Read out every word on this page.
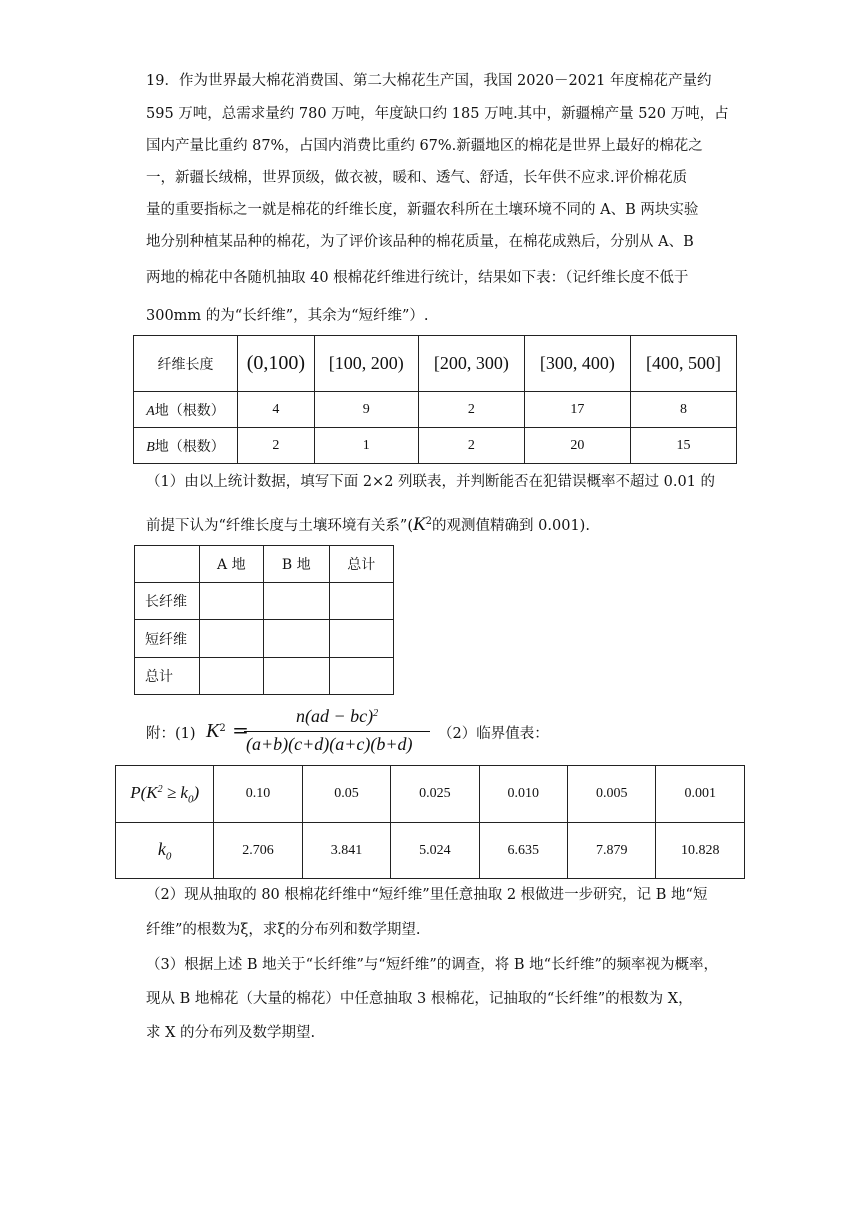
19．作为世界最大棉花消费国、第二大棉花生产国，我国 2020－2021 年度棉花产量约
595 万吨，总需求量约 780 万吨，年度缺口约 185 万吨.其中，新疆棉产量 520 万吨，占
国内产量比重约 87%，占国内消费比重约 67%.新疆地区的棉花是世界上最好的棉花之
一，新疆长绒棉，世界顶级，做衣被，暖和、透气、舒适，长年供不应求.评价棉花质
量的重要指标之一就是棉花的纤维长度，新疆农科所在土壤环境不同的 A、B 两块实验
地分别种植某品种的棉花，为了评价该品种的棉花质量，在棉花成熟后，分别从 A、B
两地的棉花中各随机抽取 40 根棉花纤维进行统计，结果如下表：（记纤维长度不低于
300mm 的为“长纤维”，其余为“短纤维”）.
纤维长度	(0,100)	[100, 200)	[200, 300)	[300, 400)	[400, 500]
A地（根数）	4	9	2	17	8
B地（根数）	2	1	2	20	15
（1）由以上统计数据，填写下面 2×2 列联表，并判断能否在犯错误概率不超过 0.01 的
前提下认为“纤维长度与土壤环境有关系$”(K^2$的观测值精确到 0.001).
	A 地	B 地	总计
长纤维			
短纤维			
总计			
附：(1) $K^2$ =
n(ad − bc)$^2$
(a+b)(c+d)(a+c)(b+d) （2）临界值表：
$P(K^2 \ge k_0)$	0.10	0.05	0.025	0.010	0.005	0.001
$k_0$	2.706	3.841	5.024	6.635	7.879	10.828
（2）现从抽取的 80 根棉花纤维中“短纤维”里任意抽取 2 根做进一步研究，记 B 地“短
纤维”的根数为ξ，求ξ的分布列和数学期望.
（3）根据上述 B 地关于“长纤维”与“短纤维”的调查，将 B 地“长纤维”的频率视为概率，
现从 B 地棉花（大量的棉花）中任意抽取 3 根棉花，记抽取的“长纤维”的根数为 X，
求 X 的分布列及数学期望.
